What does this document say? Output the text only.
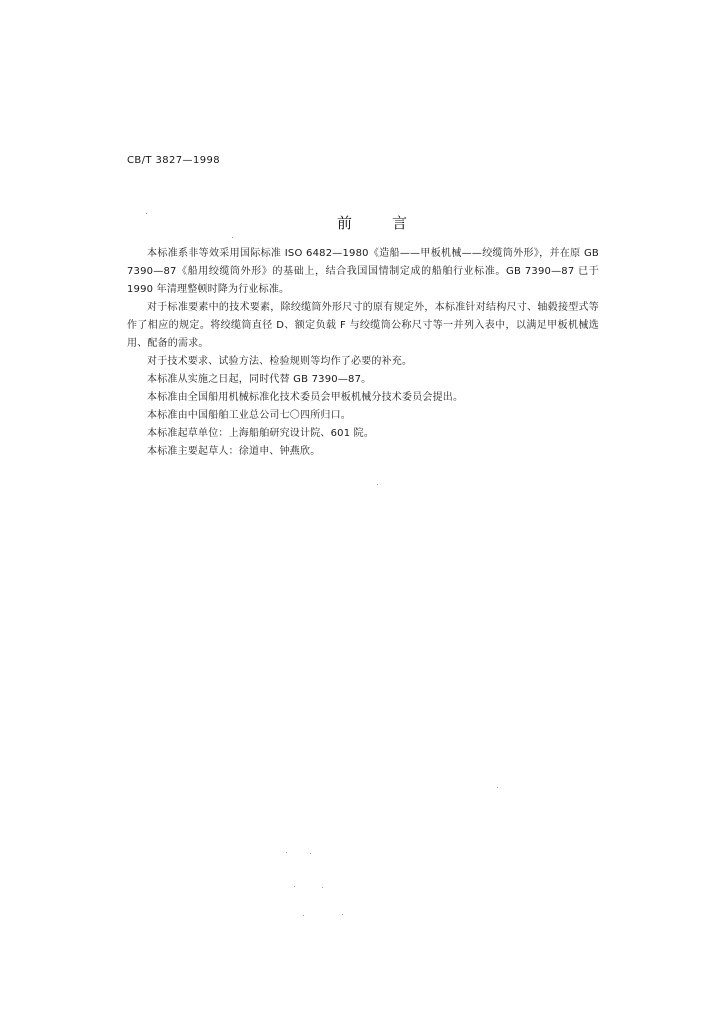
CB/T 3827—1998
前言

本标准系非等效采用国际标准 ISO 6482—1980《造船——甲板机械——绞缆筒外形》，并在原 GB 7390—87《船用绞缆筒外形》的基础上，结合我国国情制定成的船舶行业标准。GB 7390—87 已于 1990 年清理整顿时降为行业标准。

对于标准要素中的技术要素，除绞缆筒外形尺寸的原有规定外，本标准针对结构尺寸、轴毂接型式等作了相应的规定。将绞缆筒直径 D、额定负载 F 与绞缆筒公称尺寸等一并列入表中，以满足甲板机械选用、配备的需求。

对于技术要求、试验方法、检验规则等均作了必要的补充。

本标准从实施之日起，同时代替 GB 7390—87。

本标准由全国船用机械标准化技术委员会甲板机械分技术委员会提出。

本标准由中国船舶工业总公司七〇四所归口。

本标准起草单位：上海船舶研究设计院、601 院。

本标准主要起草人：徐道申、钟燕欣。
